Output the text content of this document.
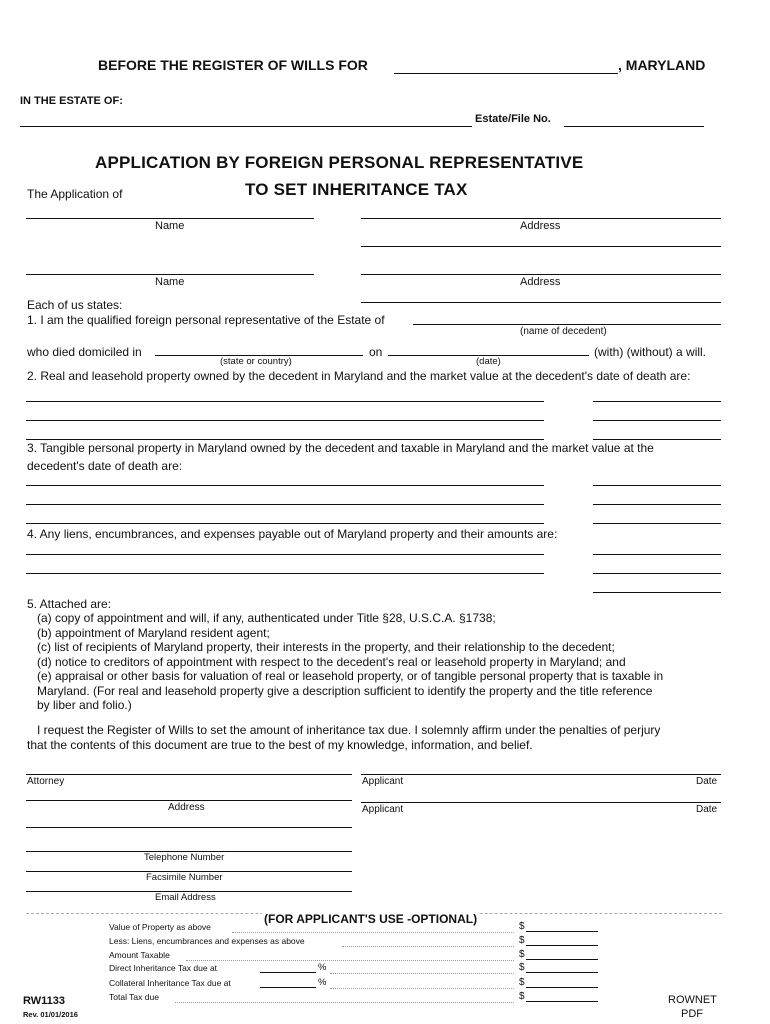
BEFORE THE REGISTER OF WILLS FOR	, MARYLAND
IN THE ESTATE OF:
Estate/File No.
APPLICATION BY FOREIGN PERSONAL REPRESENTATIVE
TO SET INHERITANCE TAX
The Application of
Name	Address
Name	Address
Each of us states:
1. I am the qualified foreign personal representative of the Estate of
(name of decedent)
who died domiciled in
(state or country)
on
(date)
(with) (without) a will.
2. Real and leasehold property owned by the decedent in Maryland and the market value at the decedent's date of death are:
3. Tangible personal property in Maryland owned by the decedent and taxable in Maryland and the market value at the
decedent's date of death are:
4. Any liens, encumbrances, and expenses payable out of Maryland property and their amounts are:
5. Attached are:
(a) copy of appointment and will, if any, authenticated under Title §28, U.S.C.A. §1738;
(b) appointment of Maryland resident agent;
(c) list of recipients of Maryland property, their interests in the property, and their relationship to the decedent;
(d) notice to creditors of appointment with respect to the decedent's real or leasehold property in Maryland; and
(e) appraisal or other basis for valuation of real or leasehold property, or of tangible personal property that is taxable in
Maryland. (For real and leasehold property give a description sufficient to identify the property and the title reference
by liber and folio.)
I request the Register of Wills to set the amount of inheritance tax due. I solemnly affirm under the penalties of perjury
that the contents of this document are true to the best of my knowledge, information, and belief.
Attorney	Applicant	Date
Address	Applicant	Date
Telephone Number
Facsimile Number
Email Address
(FOR APPLICANT'S USE -OPTIONAL)
Value of Property as above	$
Less: Liens, encumbrances and expenses as above	$
Amount Taxable	$
Direct Inheritance Tax due at	%	$
Collateral Inheritance Tax due at	%	$
Total Tax due	$
RW1133
Rev. 01/01/2016
ROWNET
PDF
